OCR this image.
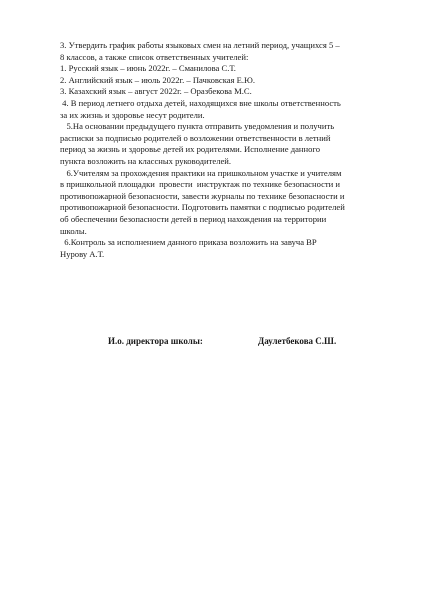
3. Утвердить график работы языковых смен на летний период, учащихся 5 –
8 классов, а также список ответственных учителей:
1. Русский язык – июнь 2022г. – Сманилова С.Т.
2. Английский язык – июль 2022г. – Пачковская Е.Ю.
3. Казахский язык – август 2022г. – Оразбекова М.С.
4. В период летнего отдыха детей, находящихся вне школы ответственность
за их жизнь и здоровье несут родители.
5.На основании предыдущего пункта отправить уведомления и получить
расписки за подписью родителей о возложении ответственности в летний
период за жизнь и здоровье детей их родителями. Исполнение данного
пункта возложить на классных руководителей.
6.Учителям за прохождения практики на пришкольном участке и учителям
в пришкольной площадки  провести  инструктаж по технике безопасности и
противопожарной безопасности, завести журналы по технике безопасности и
противопожарной безопасности. Подготовить памятки с подписью родителей
об обеспечении безопасности детей в период нахождения на территории
школы.
6.Контроль за исполнением данного приказа возложить на завуча ВР
Нурову А.Т.
И.о. директора школы:	Даулетбекова С.Ш.
